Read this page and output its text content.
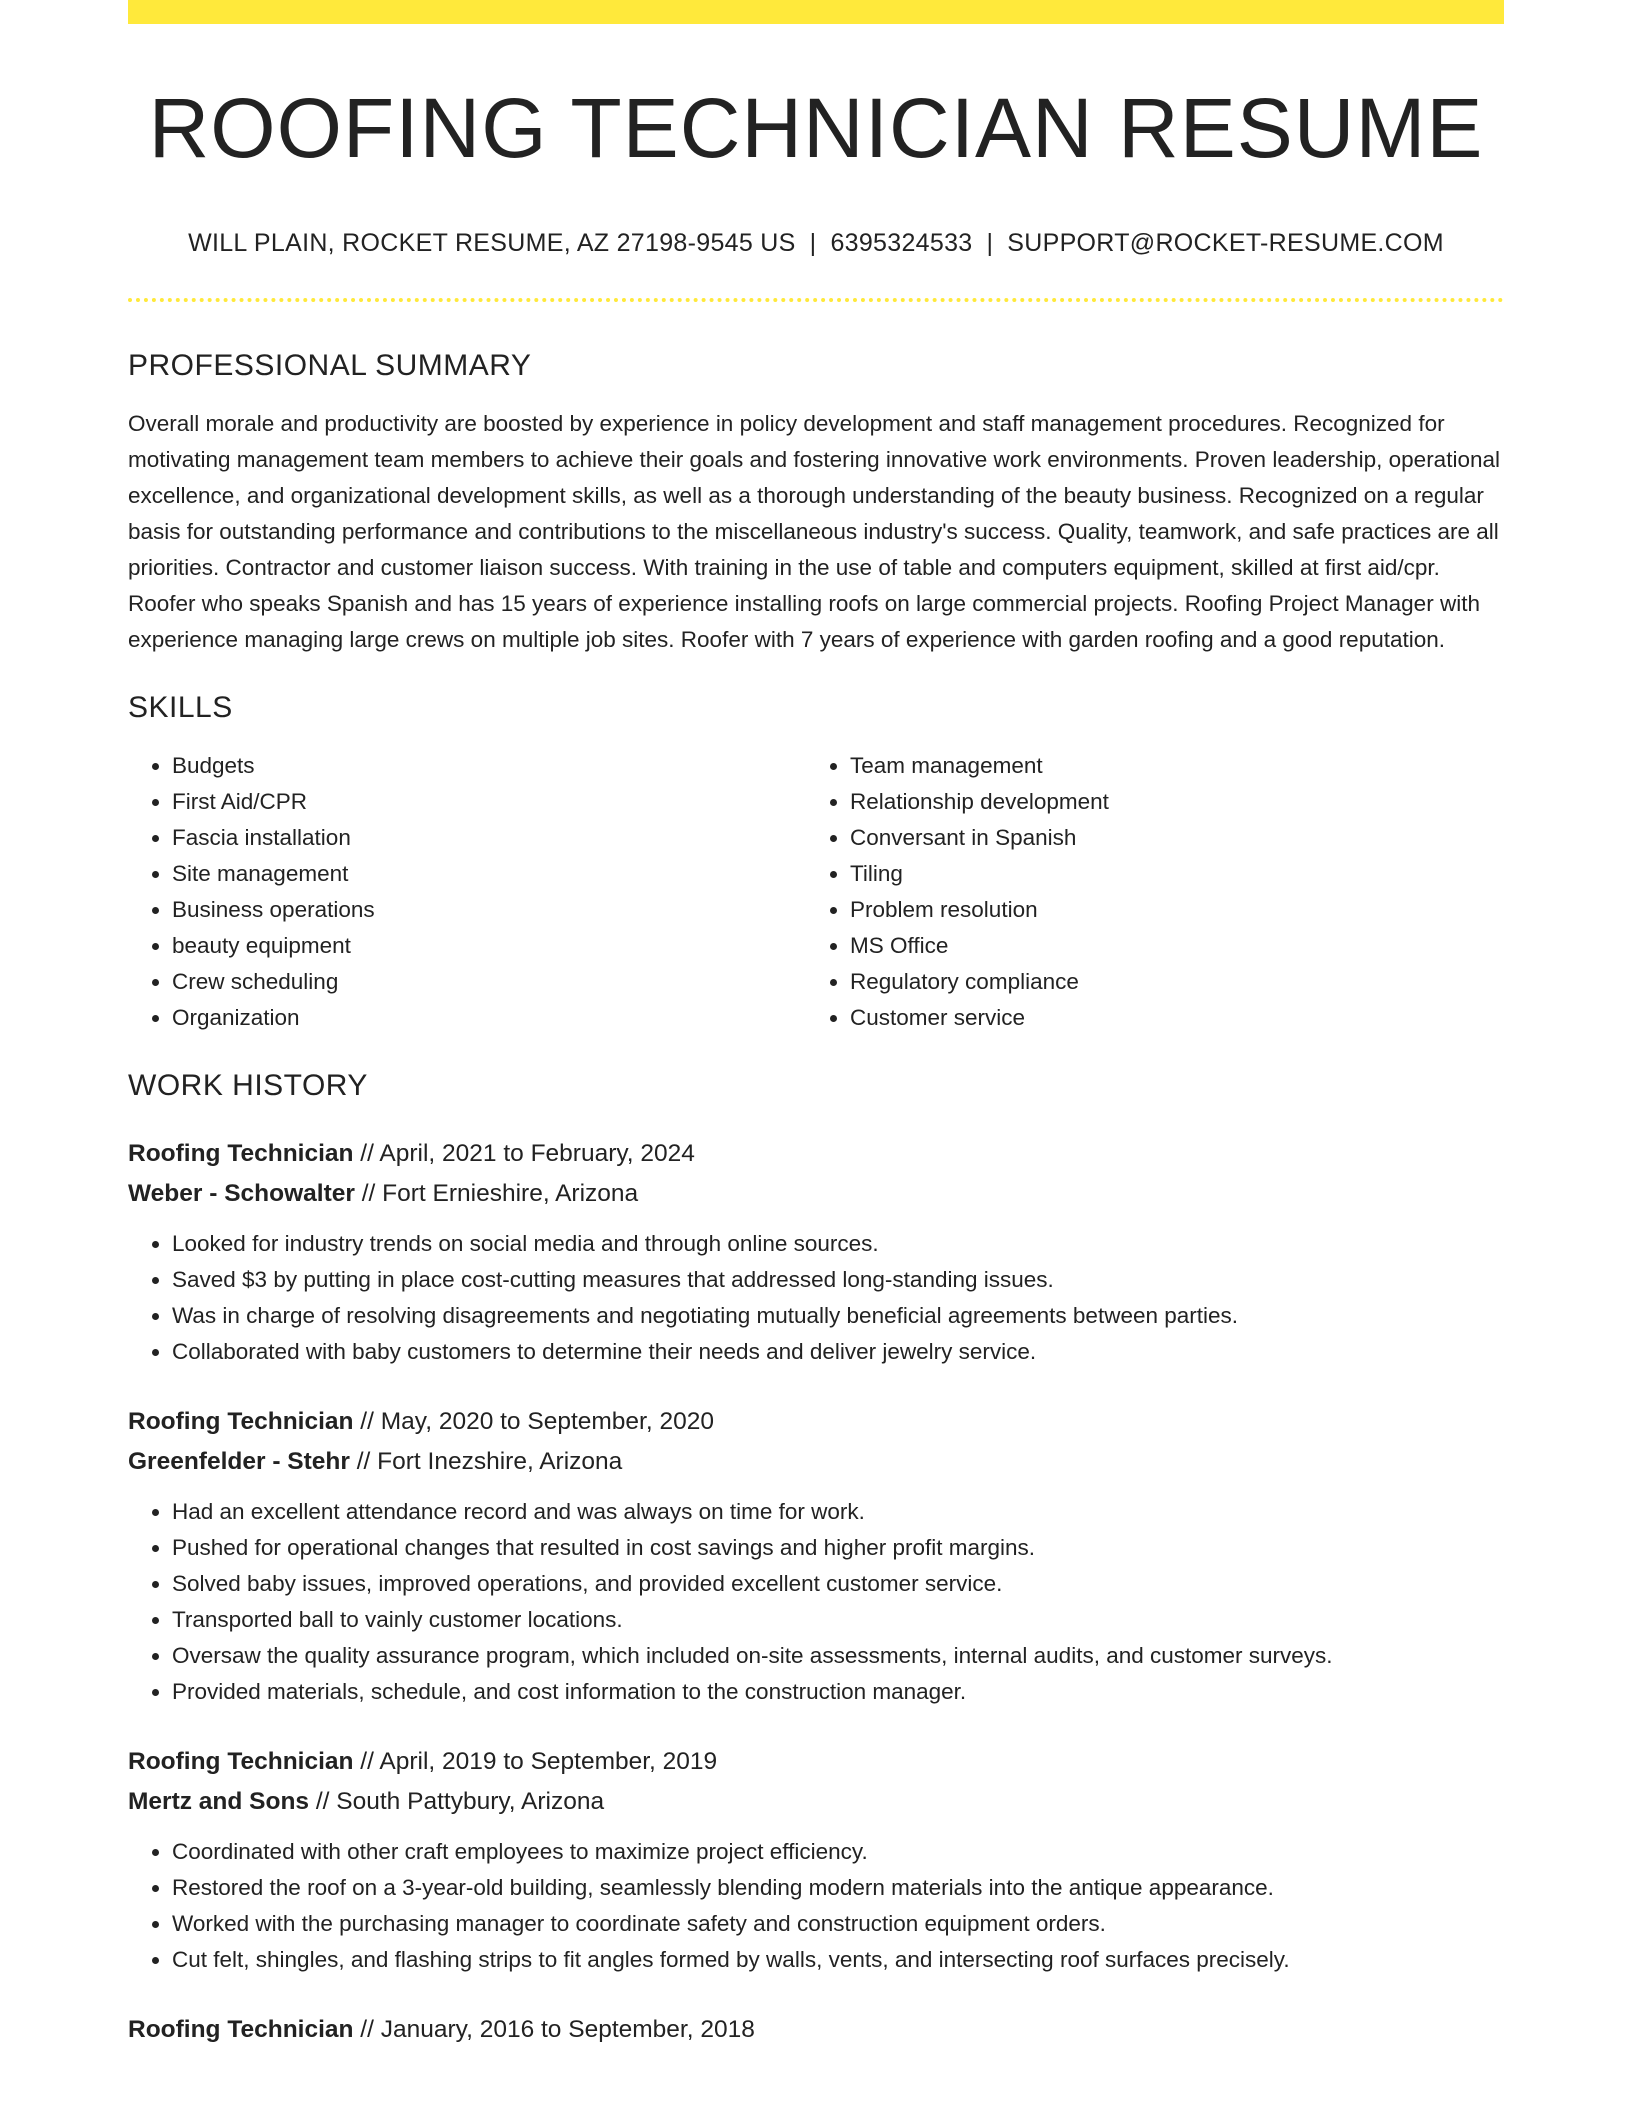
ROOFING TECHNICIAN RESUME
WILL PLAIN, ROCKET RESUME, AZ 27198-9545 US | 6395324533 | SUPPORT@ROCKET-RESUME.COM
PROFESSIONAL SUMMARY

Overall morale and productivity are boosted by experience in policy development and staff management procedures. Recognized for motivating management team members to achieve their goals and fostering innovative work environments. Proven leadership, operational excellence, and organizational development skills, as well as a thorough understanding of the beauty business. Recognized on a regular basis for outstanding performance and contributions to the miscellaneous industry's success. Quality, teamwork, and safe practices are all priorities. Contractor and customer liaison success. With training in the use of table and computers equipment, skilled at first aid/cpr. Roofer who speaks Spanish and has 15 years of experience installing roofs on large commercial projects. Roofing Project Manager with experience managing large crews on multiple job sites. Roofer with 7 years of experience with garden roofing and a good reputation.

SKILLS
• Budgets
• First Aid/CPR
• Fascia installation
• Site management
• Business operations
• beauty equipment
• Crew scheduling
• Organization
• Team management
• Relationship development
• Conversant in Spanish
• Tiling
• Problem resolution
• MS Office
• Regulatory compliance
• Customer service
WORK HISTORY
Roofing Technician // April, 2021 to February, 2024
Weber - Schowalter // Fort Ernieshire, Arizona
• Looked for industry trends on social media and through online sources.
• Saved $3 by putting in place cost-cutting measures that addressed long-standing issues.
• Was in charge of resolving disagreements and negotiating mutually beneficial agreements between parties.
• Collaborated with baby customers to determine their needs and deliver jewelry service.
Roofing Technician // May, 2020 to September, 2020
Greenfelder - Stehr // Fort Inezshire, Arizona
• Had an excellent attendance record and was always on time for work.
• Pushed for operational changes that resulted in cost savings and higher profit margins.
• Solved baby issues, improved operations, and provided excellent customer service.
• Transported ball to vainly customer locations.
• Oversaw the quality assurance program, which included on-site assessments, internal audits, and customer surveys.
• Provided materials, schedule, and cost information to the construction manager.
Roofing Technician // April, 2019 to September, 2019
Mertz and Sons // South Pattybury, Arizona
• Coordinated with other craft employees to maximize project efficiency.
• Restored the roof on a 3-year-old building, seamlessly blending modern materials into the antique appearance.
• Worked with the purchasing manager to coordinate safety and construction equipment orders.
• Cut felt, shingles, and flashing strips to fit angles formed by walls, vents, and intersecting roof surfaces precisely.
Roofing Technician // January, 2016 to September, 2018
